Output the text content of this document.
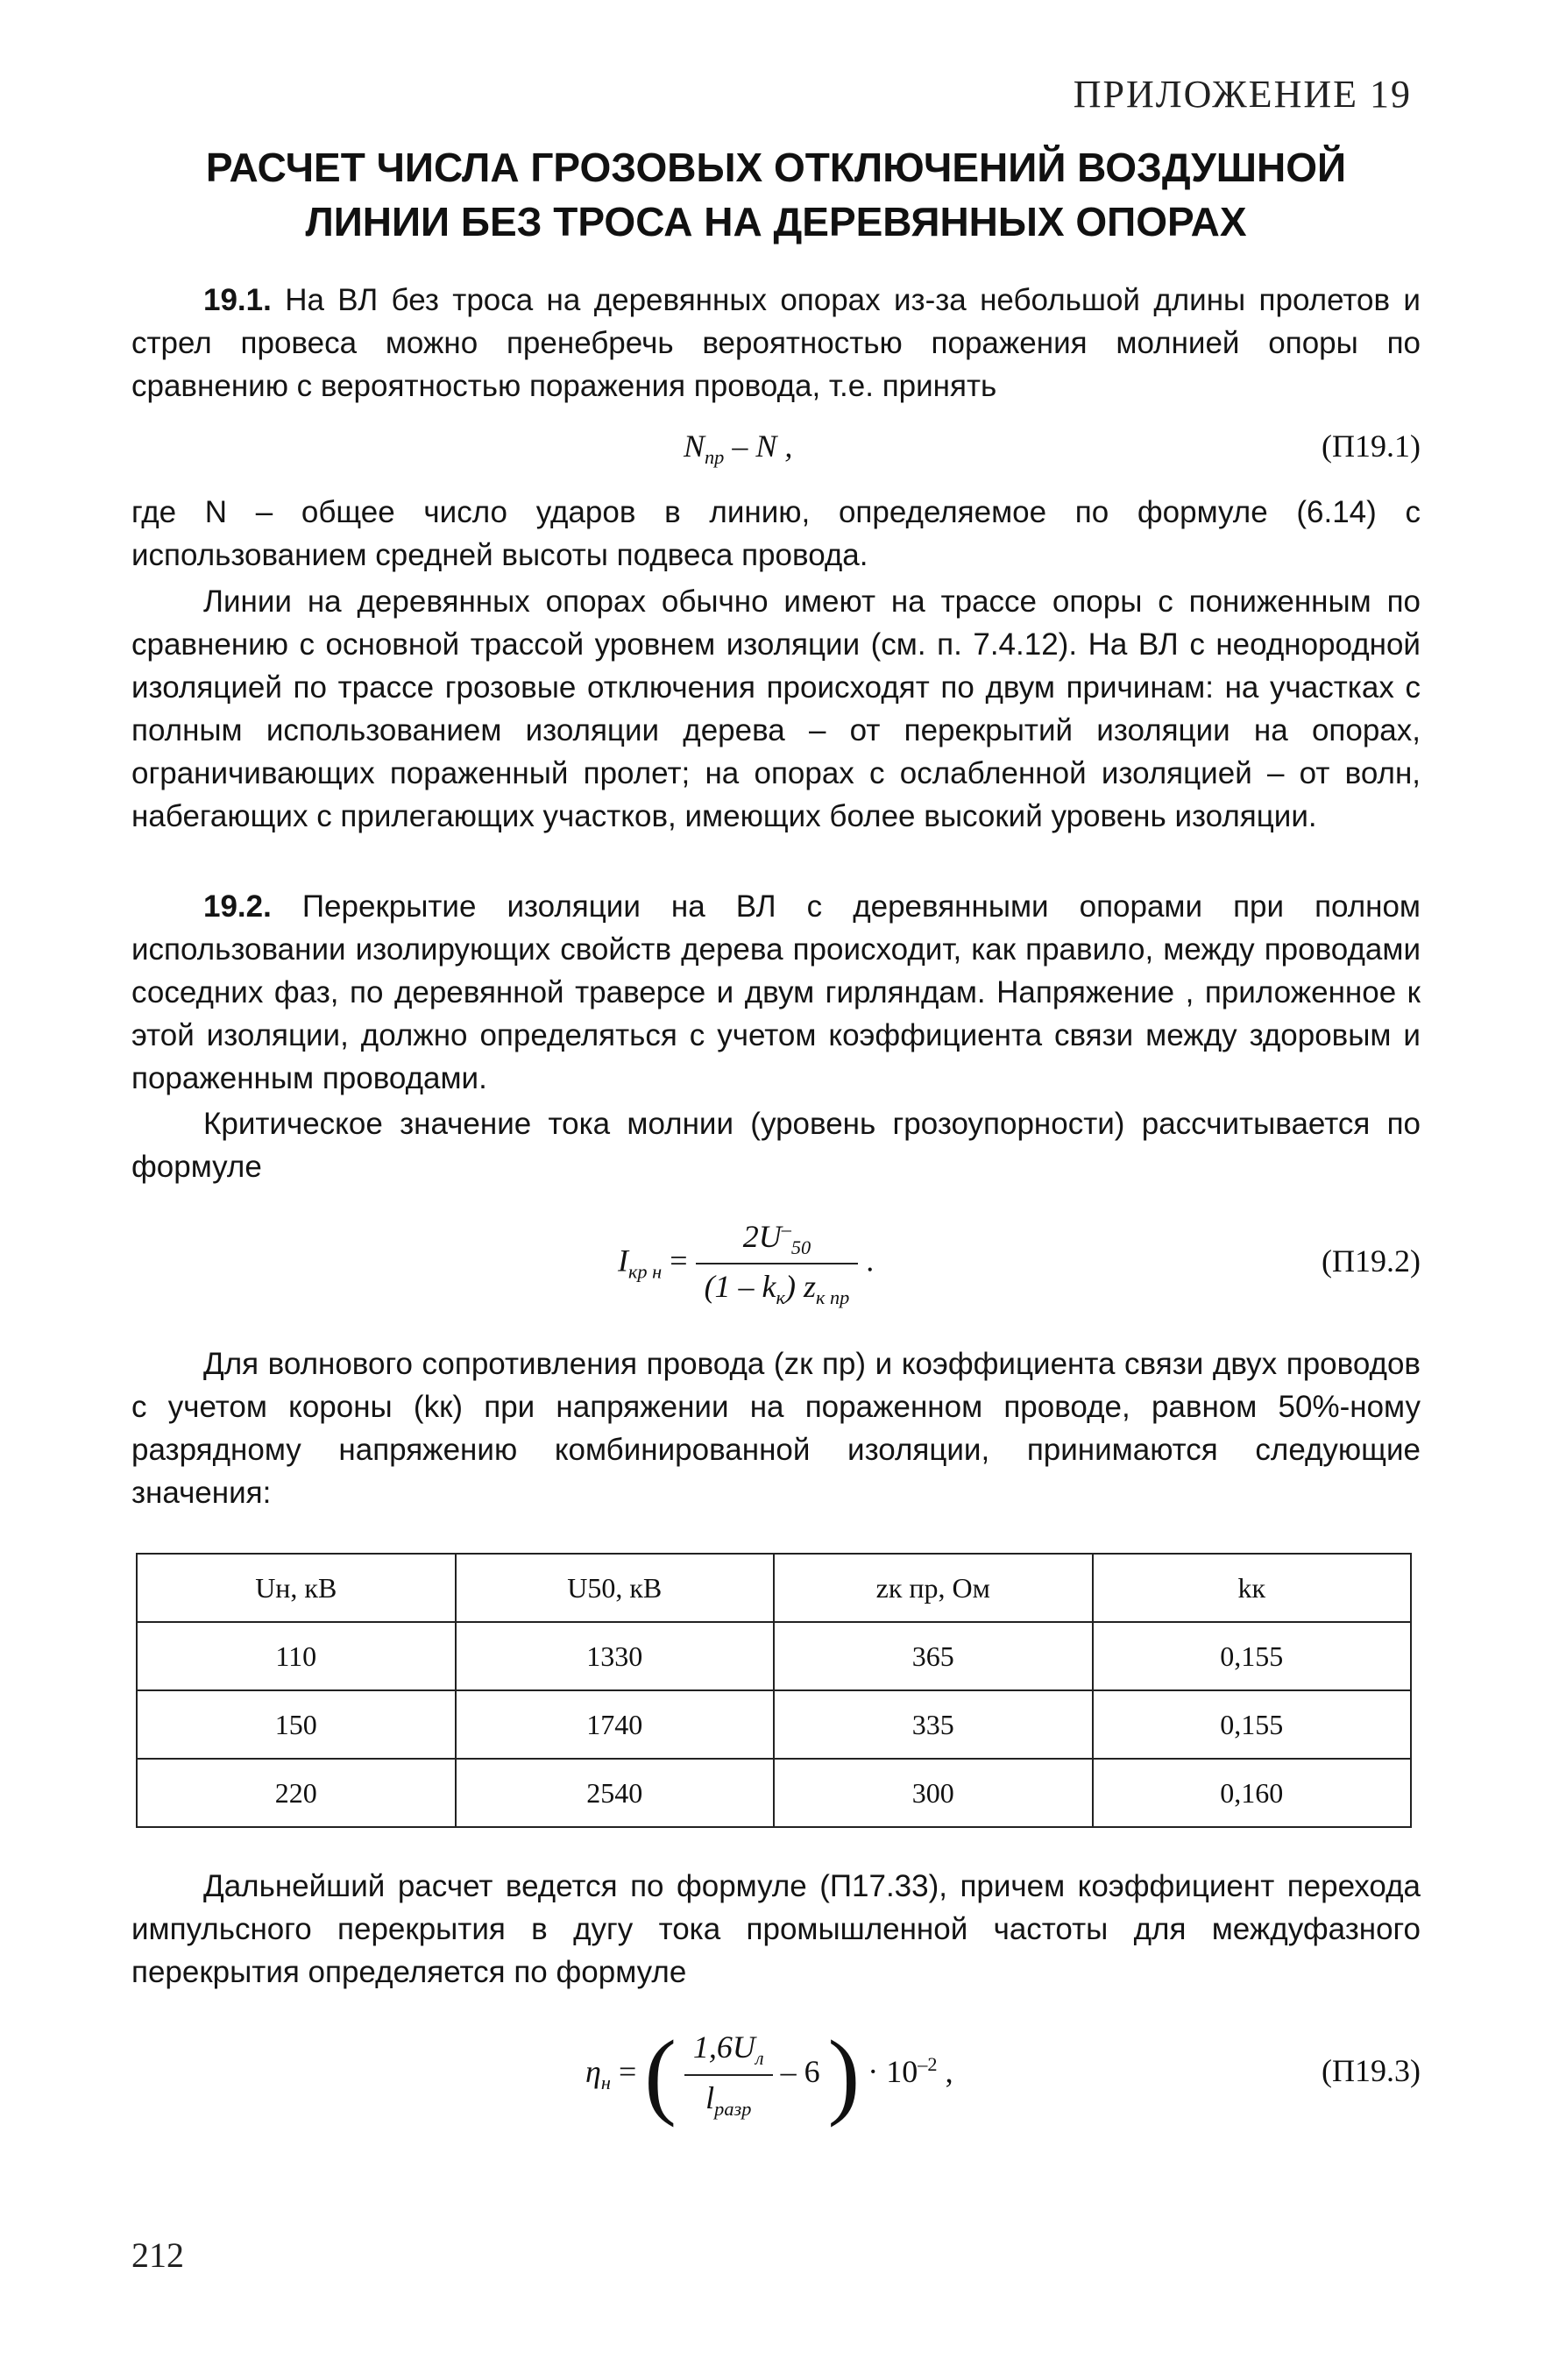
ПРИЛОЖЕНИЕ 19
РАСЧЕТ ЧИСЛА ГРОЗОВЫХ ОТКЛЮЧЕНИЙ ВОЗДУШНОЙ
ЛИНИИ БЕЗ ТРОСА НА ДЕРЕВЯННЫХ ОПОРАХ

19.1. На ВЛ без троса на деревянных опорах из-за небольшой длины пролетов и стрел провеса можно пренебречь вероятностью поражения молнией опоры по сравнению с вероятностью поражения провода, т.е. принять

$N_{пр}$ – N ,	(П19.1)

где N – общее число ударов в линию, определяемое по формуле (6.14) с использованием средней высоты подвеса провода.

Линии на деревянных опорах обычно имеют на трассе опоры с пониженным по сравнению с основной трассой уровнем изоляции (см. п. 7.4.12). На ВЛ с неоднородной изоляцией по трассе грозовые отключения происходят по двум причинам: на участках с полным использованием изоляции дерева – от перекрытий изоляции на опорах, ограничивающих пораженный пролет; на опорах с ослабленной изоляцией – от волн, набегающих с прилегающих участков, имеющих более высокий уровень изоляции.

19.2. Перекрытие изоляции на ВЛ с деревянными опорами при полном использовании изолирующих свойств дерева происходит, как правило, между проводами соседних фаз, по деревянной траверсе и двум гирляндам. Напряжение , приложенное к этой изоляции, должно определяться с учетом коэффициента связи между здоровым и пораженным проводами.

Критическое значение тока молнии (уровень грозоупорности) рассчитывается по формуле

$I_{кр н} = \frac{2U^-_{50}}{(1 - k_к) z_{к пр}}$ .	(П19.2)

Для волнового сопротивления провода (zк пр) и коэффициента связи двух проводов с учетом короны (kк) при напряжении на пораженном проводе, равном 50%-ному разрядному напряжению комбинированной изоляции, принимаются следующие значения:

Uн, кВ	U50, кВ	zк пр, Ом	kк
110	1330	365	0,155
150	1740	335	0,155
220	2540	300	0,160

Дальнейший расчет ведется по формуле (П17.33), причем коэффициент перехода импульсного перекрытия в дугу тока промышленной частоты для междуфазного перекрытия определяется по формуле

$\eta_н$ = ( $\frac{1,6U_л}{l_{разр}} - 6$ ) · $10^{-2}$ ,	(П19.3)
212
